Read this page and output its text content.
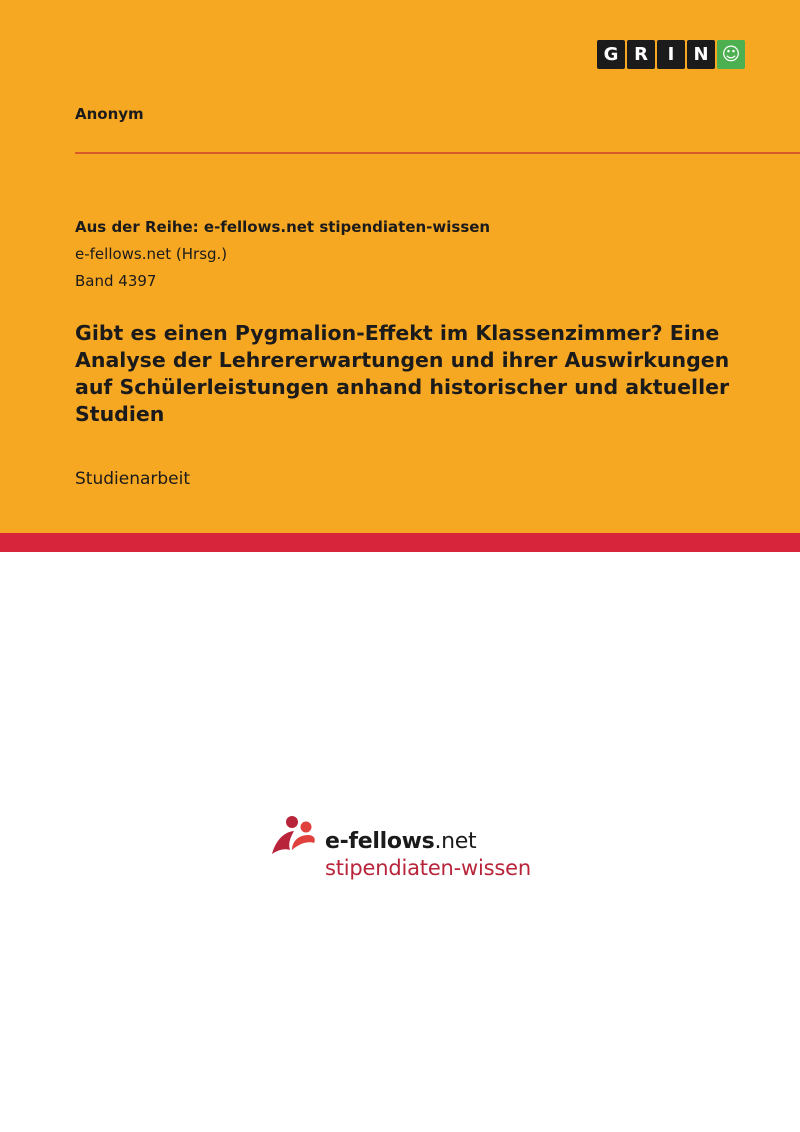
G R	I	N ☺
Anonym
Aus der Reihe: e-fellows.net stipendiaten-wissen
e-fellows.net (Hrsg.)
Band 4397
Gibt es einen Pygmalion-Effekt im Klassenzimmer? Eine Analyse der Lehrererwartungen und ihrer Auswirkungen auf Schülerleistungen anhand historischer und aktueller Studien
Studienarbeit
e-fellows.net
stipendiaten-wissen
